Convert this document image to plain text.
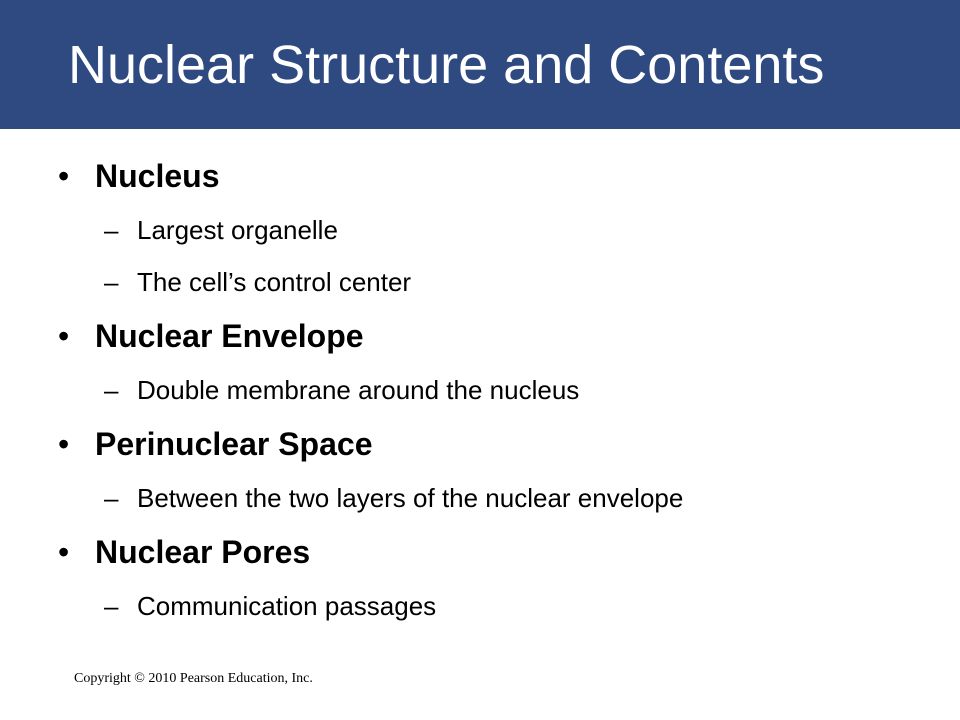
Nuclear Structure and Contents
• Nucleus
– Largest organelle
– The cell’s control center
• Nuclear Envelope
– Double membrane around the nucleus
• Perinuclear Space
– Between the two layers of the nuclear envelope
• Nuclear Pores
– Communication passages
Copyright © 2010 Pearson Education, Inc.
